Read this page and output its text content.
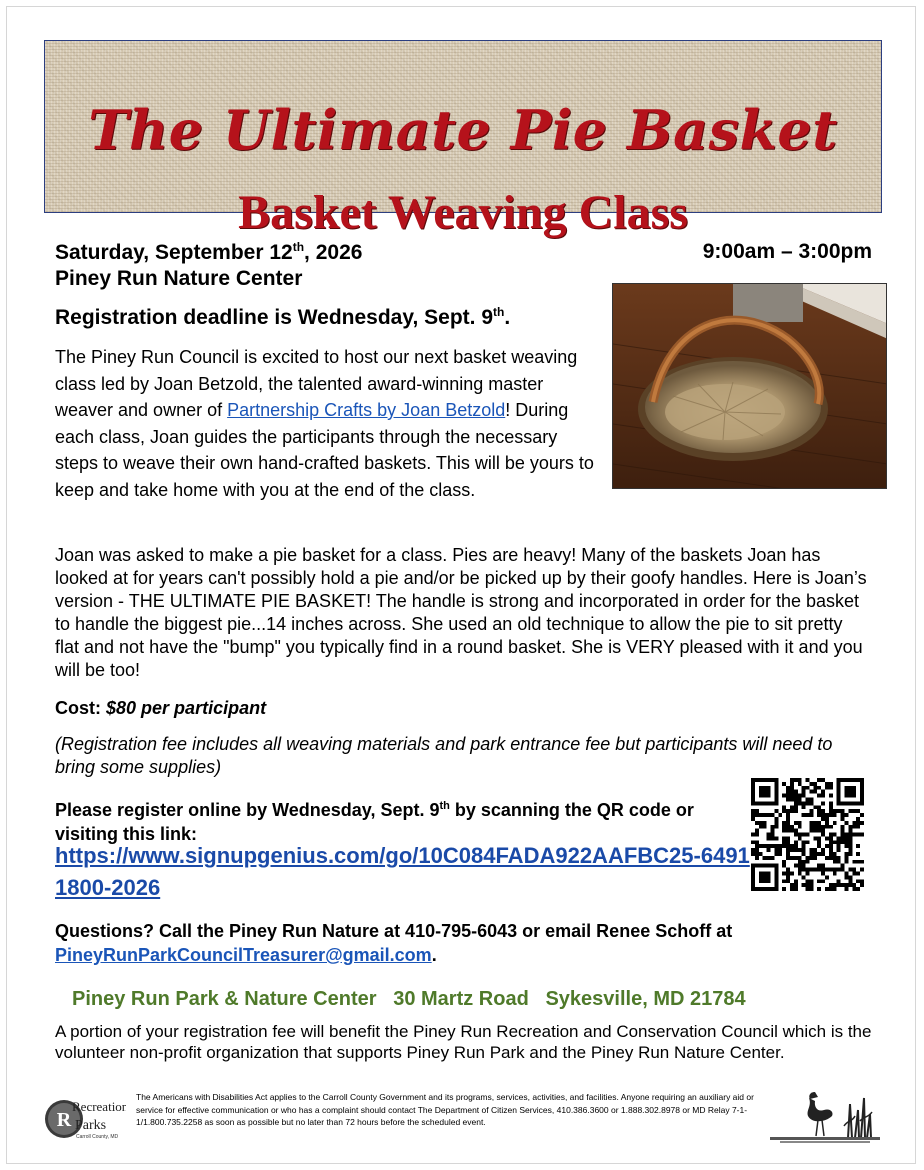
The Ultimate Pie Basket
Basket Weaving Class
Saturday, September 12th, 2026	9:00am – 3:00pm
Piney Run Nature Center
Registration deadline is Wednesday, Sept. 9th.
The Piney Run Council is excited to host our next basket weaving class led by Joan Betzold, the talented award-winning master weaver and owner of Partnership Crafts by Joan Betzold! During each class, Joan guides the participants through the necessary steps to weave their own hand-crafted baskets. This will be yours to keep and take home with you at the end of the class.
Joan was asked to make a pie basket for a class. Pies are heavy! Many of the baskets Joan has looked at for years can't possibly hold a pie and/or be picked up by their goofy handles. Here is Joan’s version - THE ULTIMATE PIE BASKET! The handle is strong and incorporated in order for the basket to handle the biggest pie...14 inches across. She used an old technique to allow the pie to sit pretty flat and not have the "bump" you typically find in a round basket. She is VERY pleased with it and you will be too!
Cost: $80 per participant
(Registration fee includes all weaving materials and park entrance fee but participants will need to bring some supplies)
Please register online by Wednesday, Sept. 9th by scanning the QR code or visiting this link:
https://www.signupgenius.com/go/10C084FADA922AAFBC25-64911800-2026
Questions? Call the Piney Run Nature at 410-795-6043 or email Renee Schoff at PineyRunParkCouncilTreasurer@gmail.com.
Piney Run Park & Nature Center 30 Martz Road Sykesville, MD 21784
A portion of your registration fee will benefit the Piney Run Recreation and Conservation Council which is the volunteer non-profit organization that supports Piney Run Park and the Piney Run Nature Center.
R
Recreation
Parks
Carroll County, MD
The Americans with Disabilities Act applies to the Carroll County Government and its programs, services, activities, and facilities. Anyone requiring an auxiliary aid or service for effective communication or who has a complaint should contact The Department of Citizen Services, 410.386.3600 or 1.888.302.8978 or MD Relay 7-1-1/1.800.735.2258 as soon as possible but no later than 72 hours before the scheduled event.
